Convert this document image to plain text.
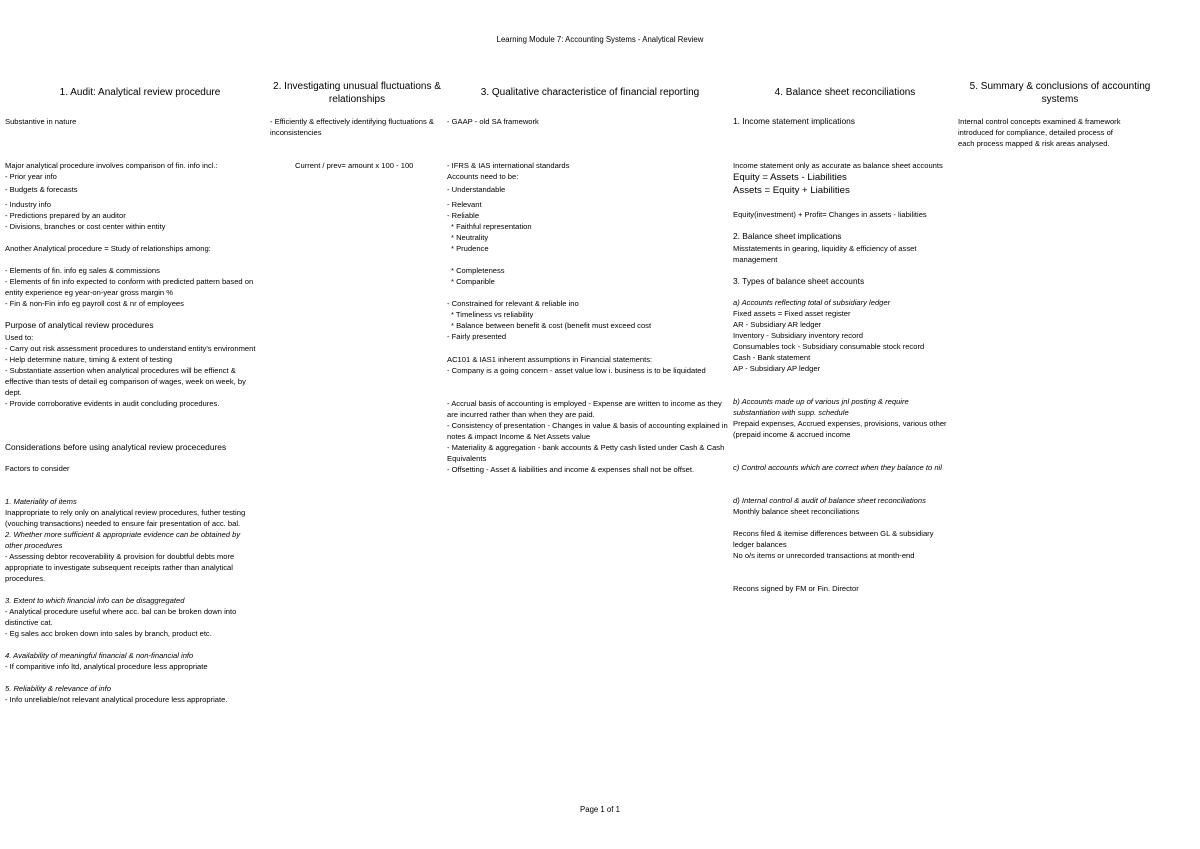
Learning Module 7: Accounting Systems - Analytical Review
1. Audit: Analytical review procedure
2. Investigating unusual fluctuations & relationships
3. Qualitative characteristice of financial reporting	4. Balance sheet reconciliations
5. Summary & conclusions of accounting systems
Substantive in nature
Major analytical procedure involves comparison of fin. info incl.:
- Prior year info
- Budgets & forecasts
- Industry info
- Predictions prepared by an auditor
- Divisions, branches or cost center within entity
Another Analytical procedure = Study of relationships among:
- Elements of fin. info eg sales & commissions
- Elements of fin info expected to conform with predicted pattern based on
entity experience eg year-on-year gross margin %
- Fin & non-Fin info eg payroll cost & nr of employees
Purpose of analytical review procedures
Used to:
- Carry out risk assessment procedures to understand entity's environment
- Help determine nature, timing & extent of testing
- Substantiate assertion when analytical procedures will be effienct &
effective than tests of detail eg comparison of wages, week on week, by
dept.
- Provide corroborative evidents in audit concluding procedures.
Considerations before using analytical review procecedures
Factors to consider
1. Materiality of items
Inappropriate to rely only on analytical review procedures, futher testing
(vouching transactions) needed to ensure fair presentation of acc. bal.
2. Whether more sufficient & appropriate evidence can be obtained by
other procedures
- Assessing debtor recoverability & provision for doubtful debts more
appropriate to investigate subsequent receipts rather than analytical
procedures.
3. Extent to which financial info can be disaggregated
- Analytical procedure useful where acc. bal can be broken down into
distinctive cat.
- Eg sales acc broken down into sales by branch, product etc.
4. Availability of meaningful financial & non-financial info
- If comparitive info ltd, analytical procedure less appropriate
5. Reliability & relevance of info
- Info unreliable/not relevant analytical procedure less appropriate.
- Efficiently & effectively identifying fluctuations &
inconsistencies
Current / prev= amount x 100 - 100
- GAAP - old SA framework
- IFRS & IAS international standards
Accounts need to be:
- Understandable
- Relevant
- Reliable
* Faithful representation
* Neutrality
* Prudence
* Completeness
* Comparible
- Constrained for relevant & reliable ino
* Timeliness vs reliability
* Balance between benefit & cost (benefit must exceed cost
- Fairly presented
AC101 & IAS1 inherent assumptions in Financial statements:
- Company is a going concern - asset value low i. business is to be liquidated
- Accrual basis of accounting is employed - Expense are written to income as they
are incurred rather than when they are paid.
- Consistency of presentation - Changes in value & basis of accounting explained in
notes & impact Income & Net Assets value
- Materiality & aggregation - bank accounts & Petty cash listed under Cash & Cash
Equivalents
- Offsetting - Asset & liabilities and income & expenses shall not be offset.
1. Income statement implications
Income statement only as accurate as balance sheet accounts
Equity = Assets - Liabilities
Assets = Equity + Liabilities
Equity(investment) + Profit= Changes in assets - liabilities
2. Balance sheet implications
Misstatements in gearing, liquidity & efficiency of asset
management
3. Types of balance sheet accounts
a) Accounts reflecting total of subsidiary ledger
Fixed assets = Fixed asset register
AR - Subsidiary AR ledger
Inventory - Subsidiary inventory record
Consumables tock - Subsidiary consumable stock record
Cash - Bank statement
AP - Subsidiary AP ledger
b) Accounts made up of various jnl posting & require
substantiation with supp. schedule
Prepaid expenses, Accrued expenses, provisions, various other
(prepaid income & accrued income
c) Control accounts which are correct when they balance to nil
d) Internal control & audit of balance sheet reconciliations
Monthly balance sheet reconciliations
Recons filed & itemise differences between GL & subsidiary
ledger balances
No o/s items or unrecorded transactions at month-end
Recons signed by FM or Fin. Director
Internal control concepts examined & framework
introduced for compliance, detailed process of
each process mapped & risk areas analysed.
Page 1 of 1
